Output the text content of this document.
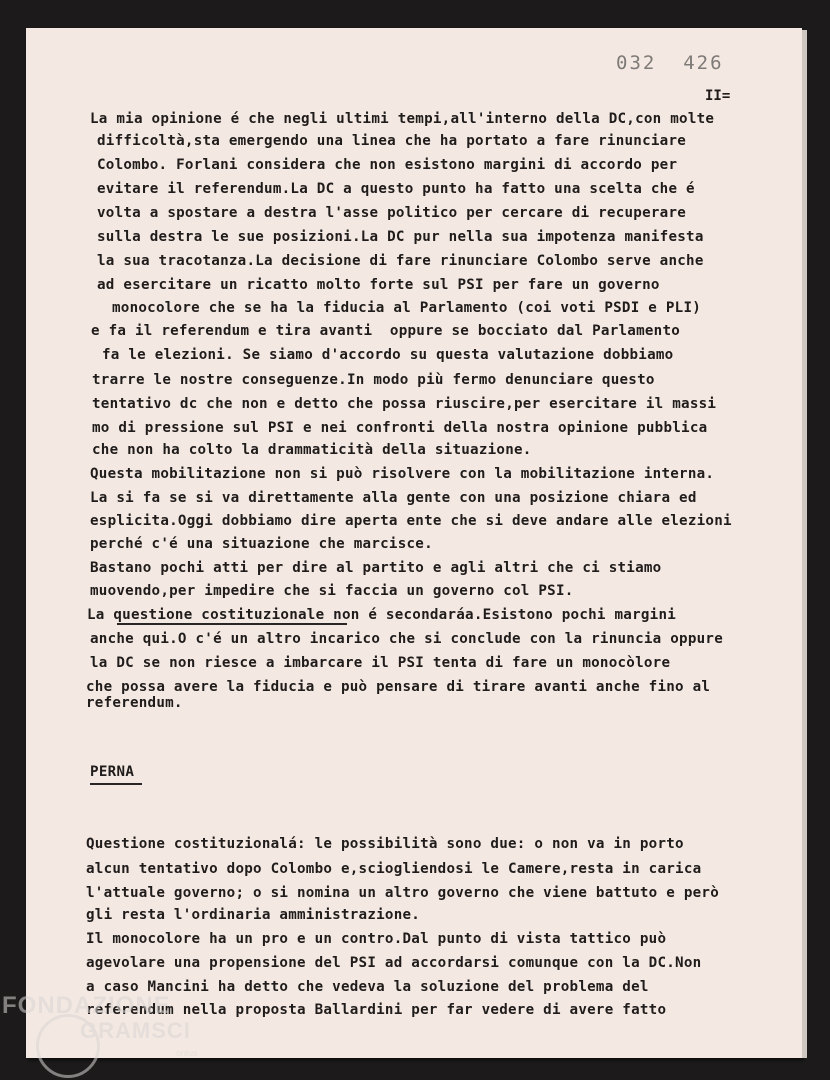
032  426
II=
La mia opinione é che negli ultimi tempi,all'interno della DC,con molte
difficoltà,sta emergendo una linea che ha portato a fare rinunciare
Colombo. Forlani considera che non esistono margini di accordo per
evitare il referendum.La DC a questo punto ha fatto una scelta che é
volta a spostare a destra l'asse politico per cercare di recuperare
sulla destra le sue posizioni.La DC pur nella sua impotenza manifesta
la sua tracotanza.La decisione di fare rinunciare Colombo serve anche
ad esercitare un ricatto molto forte sul PSI per fare un governo
monocolore che se ha la fiducia al Parlamento (coi voti PSDI e PLI)
e fa il referendum e tira avanti  oppure se bocciato dal Parlamento
fa le elezioni. Se siamo d'accordo su questa valutazione dobbiamo
trarre le nostre conseguenze.In modo più fermo denunciare questo
tentativo dc che non e detto che possa riuscire,per esercitare il massi
mo di pressione sul PSI e nei confronti della nostra opinione pubblica
che non ha colto la drammaticità della situazione.
Questa mobilitazione non si può risolvere con la mobilitazione interna.
La si fa se si va direttamente alla gente con una posizione chiara ed
esplicita.Oggi dobbiamo dire aperta ente che si deve andare alle elezioni
perché c'é una situazione che marcisce.
Bastano pochi atti per dire al partito e agli altri che ci stiamo
muovendo,per impedire che si faccia un governo col PSI.
La questione costituzionale non é secondaráa.Esistono pochi margini
anche qui.O c'é un altro incarico che si conclude con la rinuncia oppure
la DC se non riesce a imbarcare il PSI tenta di fare un monocòlore
che possa avere la fiducia e può pensare di tirare avanti anche fino al
referendum.
PERNA
Questione costituzionalá: le possibilità sono due: o non va in porto
alcun tentativo dopo Colombo e,sciogliendosi le Camere,resta in carica
l'attuale governo; o si nomina un altro governo che viene battuto e però
gli resta l'ordinaria amministrazione.
Il monocolore ha un pro e un contro.Dal punto di vista tattico può
agevolare una propensione del PSI ad accordarsi comunque con la DC.Non
a caso Mancini ha detto che vedeva la soluzione del problema del
referendum nella proposta Ballardini per far vedere di avere fatto
FONDAZIONE
GRAMSCI
onlus
